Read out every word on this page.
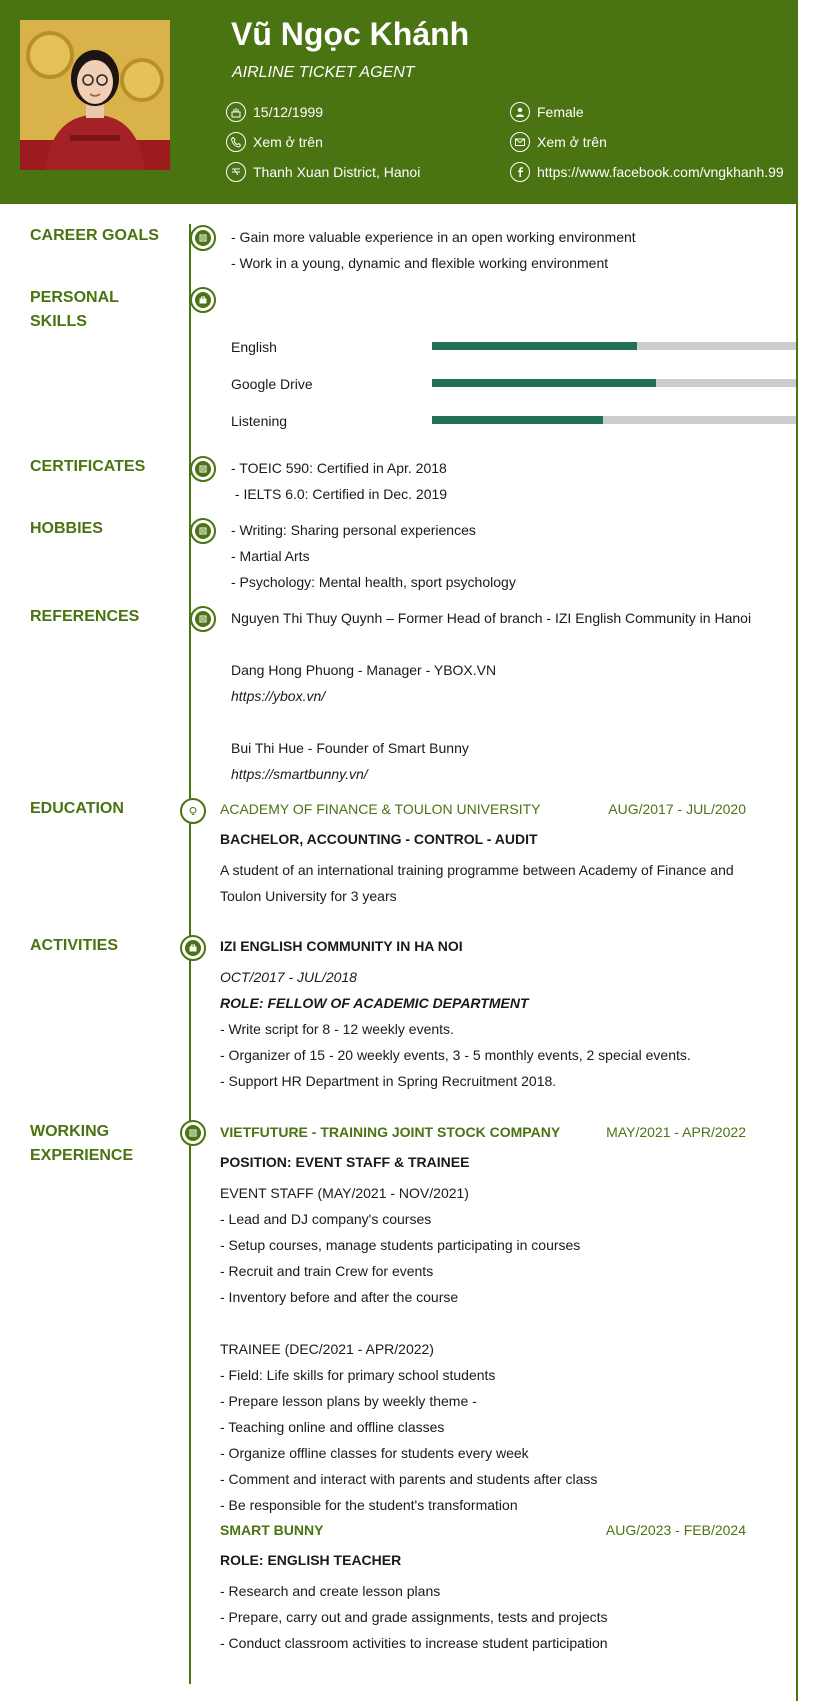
Vũ Ngọc Khánh
AIRLINE TICKET AGENT
15/12/1999	Female
Xem ở trên	Xem ở trên
Thanh Xuan District, Hanoi	https://www.facebook.com/vngkhanh.99
CAREER GOALS	- Gain more valuable experience in an open working environment
- Work in a young, dynamic and flexible working environment
PERSONAL
SKILLS
English
Google Drive
Listening
CERTIFICATES	- TOEIC 590: Certified in Apr. 2018
- IELTS 6.0: Certified in Dec. 2019
HOBBIES	- Writing: Sharing personal experiences
- Martial Arts
- Psychology: Mental health, sport psychology
REFERENCES	Nguyen Thi Thuy Quynh – Former Head of branch - IZI English Community in Hanoi
Dang Hong Phuong - Manager - YBOX.VN
https://ybox.vn/
Bui Thi Hue - Founder of Smart Bunny
https://smartbunny.vn/
EDUCATION	ACADEMY OF FINANCE & TOULON UNIVERSITY	AUG/2017 - JUL/2020
BACHELOR, ACCOUNTING - CONTROL - AUDIT
A student of an international training programme between Academy of Finance and
Toulon University for 3 years
ACTIVITIES	IZI ENGLISH COMMUNITY IN HA NOI
OCT/2017 - JUL/2018
ROLE: FELLOW OF ACADEMIC DEPARTMENT
- Write script for 8 - 12 weekly events.
- Organizer of 15 - 20 weekly events, 3 - 5 monthly events, 2 special events.
- Support HR Department in Spring Recruitment 2018.
WORKING
EXPERIENCE
VIETFUTURE - TRAINING JOINT STOCK COMPANY	MAY/2021 - APR/2022
POSITION: EVENT STAFF & TRAINEE
EVENT STAFF (MAY/2021 - NOV/2021)
- Lead and DJ company's courses
- Setup courses, manage students participating in courses
- Recruit and train Crew for events
- Inventory before and after the course
TRAINEE (DEC/2021 - APR/2022)
- Field: Life skills for primary school students
- Prepare lesson plans by weekly theme -
- Teaching online and offline classes
- Organize offline classes for students every week
- Comment and interact with parents and students after class
- Be responsible for the student's transformation
SMART BUNNY	AUG/2023 - FEB/2024
ROLE: ENGLISH TEACHER
- Research and create lesson plans
- Prepare, carry out and grade assignments, tests and projects
- Conduct classroom activities to increase student participation
